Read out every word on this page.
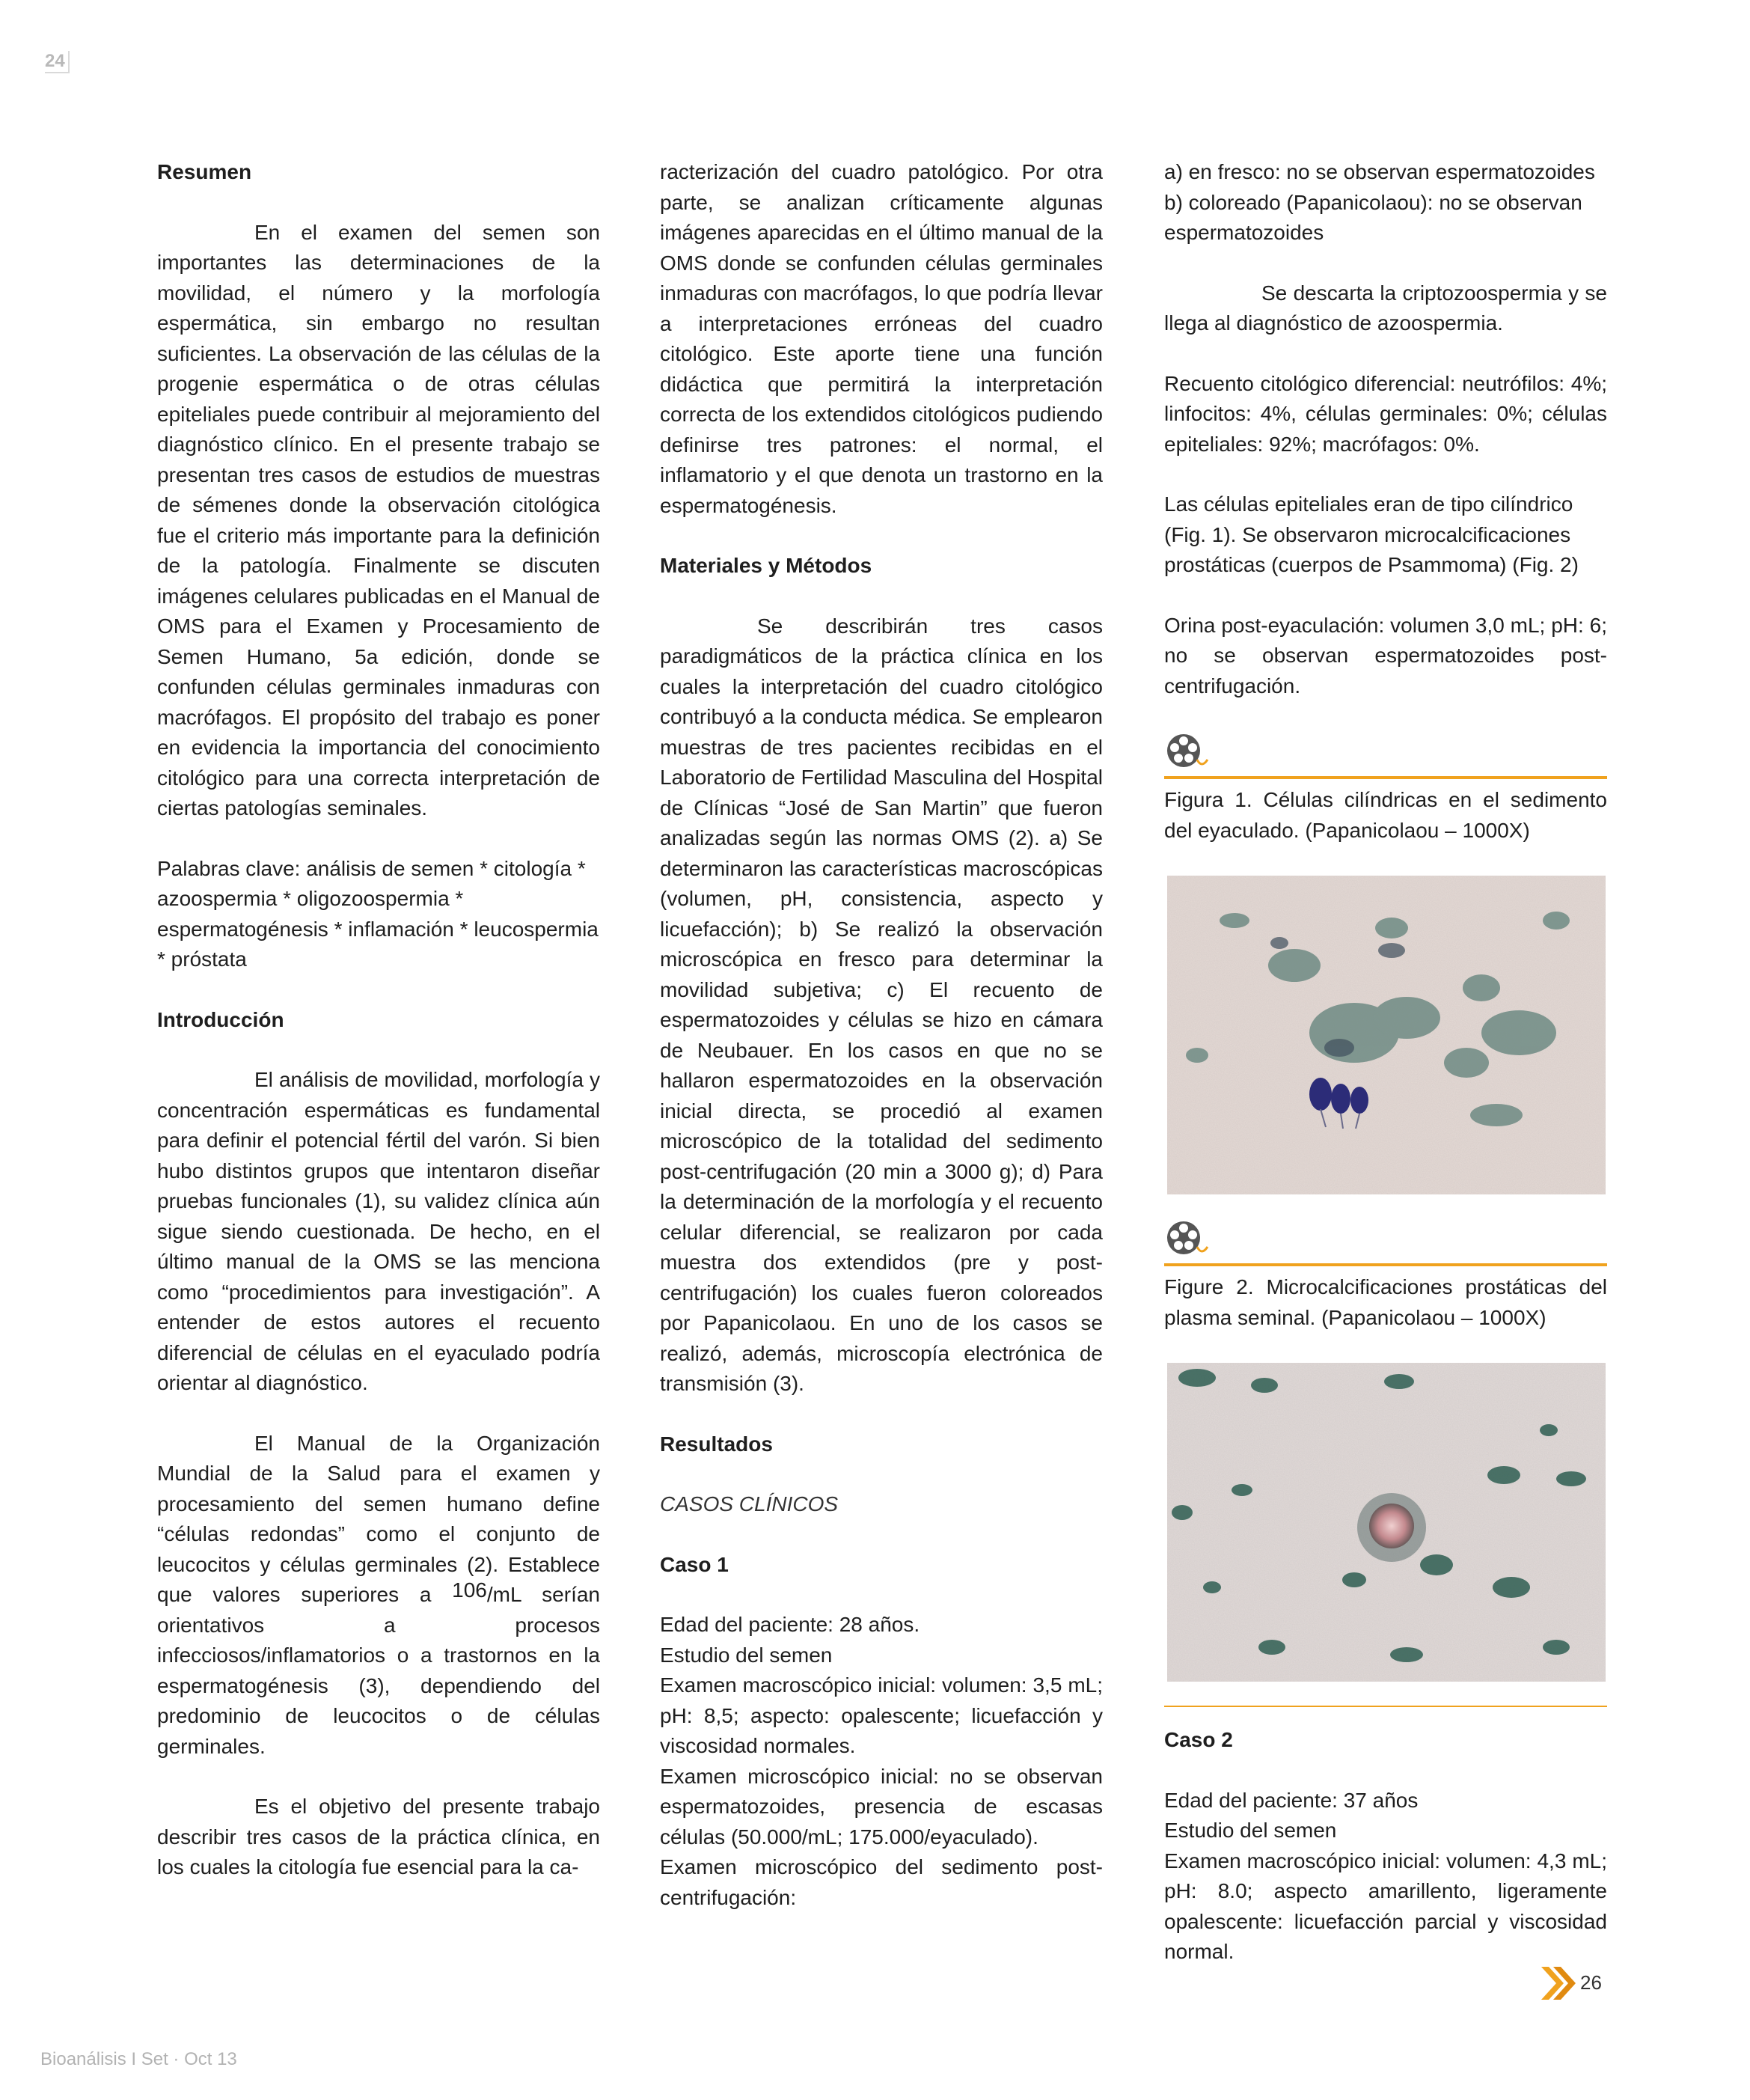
24
Resumen

En el examen del semen son importantes las determinaciones de la movilidad, el número y la morfología espermática, sin embargo no resultan suficientes. La observación de las células de la progenie espermática o de otras células epiteliales puede contribuir al mejoramiento del diagnóstico clínico. En el presente trabajo se presentan tres casos de estudios de muestras de sémenes donde la observación citológica fue el criterio más importante para la definición de la patología. Finalmente se discuten imágenes celulares publicadas en el Manual de OMS para el Examen y Procesamiento de Semen Humano, 5a edición, donde se confunden células germinales inmaduras con macrófagos. El propósito del trabajo es poner en evidencia la importancia del conocimiento citológico para una correcta interpretación de ciertas patologías seminales.

Palabras clave: análisis de semen * citología * azoospermia * oligozoospermia * espermatogénesis * inflamación * leucospermia * próstata

Introducción

El análisis de movilidad, morfología y concentración espermáticas es fundamental para definir el potencial fértil del varón. Si bien hubo distintos grupos que intentaron diseñar pruebas funcionales (1), su validez clínica aún sigue siendo cuestionada. De hecho, en el último manual de la OMS se las menciona como “procedimientos para investigación”. A entender de estos autores el recuento diferencial de células en el eyaculado podría orientar al diagnóstico.

El Manual de la Organización Mundial de la Salud para el examen y procesamiento del semen humano define “células redondas” como el conjunto de leucocitos y células germinales (2). Establece que valores superiores a 106/mL serían orientativos a procesos infecciosos/inflamatorios o a trastornos en la espermatogénesis (3), dependiendo del predominio de leucocitos o de células germinales.

Es el objetivo del presente trabajo describir tres casos de la práctica clínica, en los cuales la citología fue esencial para la ca-

racterización del cuadro patológico. Por otra parte, se analizan críticamente algunas imágenes aparecidas en el último manual de la OMS donde se confunden células germinales inmaduras con macrófagos, lo que podría llevar a interpretaciones erróneas del cuadro citológico. Este aporte tiene una función didáctica que permitirá la interpretación correcta de los extendidos citológicos pudiendo definirse tres patrones: el normal, el inflamatorio y el que denota un trastorno en la espermatogénesis.

Materiales y Métodos

Se describirán tres casos paradigmáticos de la práctica clínica en los cuales la interpretación del cuadro citológico contribuyó a la conducta médica. Se emplearon muestras de tres pacientes recibidas en el Laboratorio de Fertilidad Masculina del Hospital de Clínicas “José de San Martin” que fueron analizadas según las normas OMS (2). a) Se determinaron las características macroscópicas (volumen, pH, consistencia, aspecto y licuefacción); b) Se realizó la observación microscópica en fresco para determinar la movilidad subjetiva; c) El recuento de espermatozoides y células se hizo en cámara de Neubauer. En los casos en que no se hallaron espermatozoides en la observación inicial directa, se procedió al examen microscópico de la totalidad del sedimento post-centrifugación (20 min a 3000 g); d) Para la determinación de la morfología y el recuento celular diferencial, se realizaron por cada muestra dos extendidos (pre y post- centrifugación) los cuales fueron coloreados por Papanicolaou. En uno de los casos se realizó, además, microscopía electrónica de transmisión (3).

Resultados
CASOS CLÍNICOS
Caso 1

Edad del paciente: 28 años.

Estudio del semen

Examen macroscópico inicial: volumen: 3,5 mL; pH: 8,5; aspecto: opalescente; licuefacción y viscosidad normales.

Examen microscópico inicial: no se observan espermatozoides, presencia de escasas células (50.000/mL; 175.000/eyaculado).

Examen microscópico del sedimento post-centrifugación:

a) en fresco: no se observan espermatozoides

b) coloreado (Papanicolaou): no se observan espermatozoides

Se descarta la criptozoospermia y se llega al diagnóstico de azoospermia.

Recuento citológico diferencial: neutrófilos: 4%; linfocitos: 4%, células germinales: 0%; células epiteliales: 92%; macrófagos: 0%.

Las células epiteliales eran de tipo cilíndrico (Fig. 1). Se observaron microcalcificaciones prostáticas (cuerpos de Psammoma) (Fig. 2)

Orina post-eyaculación: volumen 3,0 mL; pH: 6; no se observan espermatozoides post-centrifugación.

Figura 1. Células cilíndricas en el sedimento del eyaculado. (Papanicolaou – 1000X)

Figure 2. Microcalcificaciones prostáticas del plasma seminal. (Papanicolaou – 1000X)

Caso 2

Edad del paciente: 37 años

Estudio del semen

Examen macroscópico inicial: volumen: 4,3 mL; pH: 8.0; aspecto amarillento, ligeramente opalescente: licuefacción parcial y viscosidad normal.

Bioanálisis I Set · Oct 13
26
